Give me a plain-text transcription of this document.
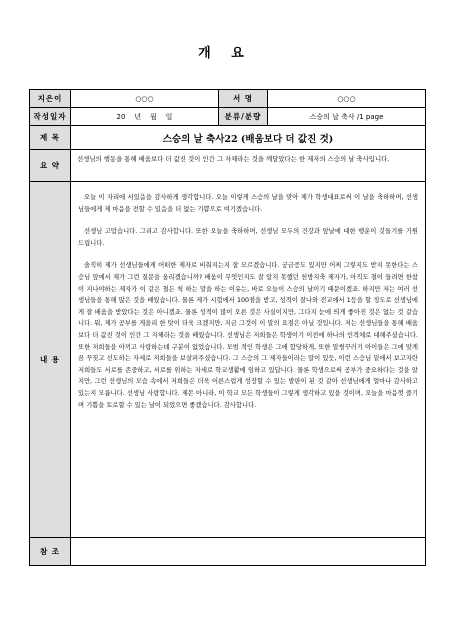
개 요
지은이	○○○	서 명	○○○
작성일자	20    년    월    일	분류/분량	스승의 날 축사 /1 page
제 목	스승의 날 축사22 (배움보다 더 값진 것)		
요 약	선생님의 행동을 통해 배움보다 더 값진 것이 인간 그 자체라는 것을 깨달았다는 한 제자의 스승의 날 축사입니다.		
내 용	오늘 이 자리에 서있음을 감사하게 생각합니다. 오늘 이렇게 스승의 날을 맞아 제가 학생대표로써 이 날을 축하하며, 선생님들에게 제 마음을 전할 수 있음을 더 없는 기쁨으로 여기겠습니다.

선생님 고맙습니다. 그리고 감사합니다. 또한 오늘을 축하하며, 선생님 모두의 건강과 앞날에 대한 행운이 깃들기를 기원 드립니다.

솔직히 제가 선생님들에게 어떠한 제자로 비춰지는지 잘 모르겠습니다. 궁금증도 있지만 어찌 그렇지도 받지 못한다는 스승님 앞에서 제가 그런 질문을 올리겠습니까? 배움이 무엇인지도 잘 알지 못했던 천방지축 제자가, 아직도 철이 들려면 한참이 지나야하는 제자가 이 같은 철든 척 하는 말을 하는 이유는, 바로 오늘이 스승의 날이기 때문이겠죠. 하지만 저는 여러 선생님들을 통해 많은 것을 배웠습니다. 물론 제가 시험에서 100점을 받고, 성적이 잘나와 전교에서 1등을 할 정도로 선생님에게 잘 배움을 받았다는 것은 아니겠죠. 물론 성적이 많이 오른 것은 사실이지만, 그다지 눈에 띄게 좋아진 것은 없는 것 같습니다. 뭐, 제가 공부를 게을리 한 탓이 더욱 크겠지만, 지금 그것이 이 말의 요점은 아닐 것입니다. 저는 선생님들을 통해 배움보다 더 값진 것이 인간 그 자체라는 것을 배웠습니다. 선생님은 저희들은 학생이기 이전에 하나의 인격체로 대해주셨습니다. 또한 저희들을 아끼고 사랑하는데 구분이 없었습니다. 모범 적인 학생은 그에 합당하게, 또한 말썽꾸러기 아이들은 그에 맞게끔 꾸짖고 선도하는 자세로 저희들을 보살펴주셨습니다. 그 스승의 그 제자들이라는 말이 있듯, 이런 스승님 밑에서 보고자란 저희들도 서로를 존중하고, 서로를 위하는 자세로 학교생활에 임하고 있답니다. 물론 학생으로써 공부가 중요하다는 것을 알지만, 그런 선생님의 모습 속에서 저희들은 더욱 어른스럽게 성장할 수 있는 발판이 된 것 같아 선생님에게 얼마나 감사하고 있는지 모릅니다. 선생님 사랑합니다. 제몬 아니라, 이 학교 모든 학생들이 그렇게 생각하고 있을 것이며, 오늘을 마음껏 즐기며 기쁨을 토로할 수 있는 날이 되었으면 좋겠습니다. 감사합니다.		

참 조			
